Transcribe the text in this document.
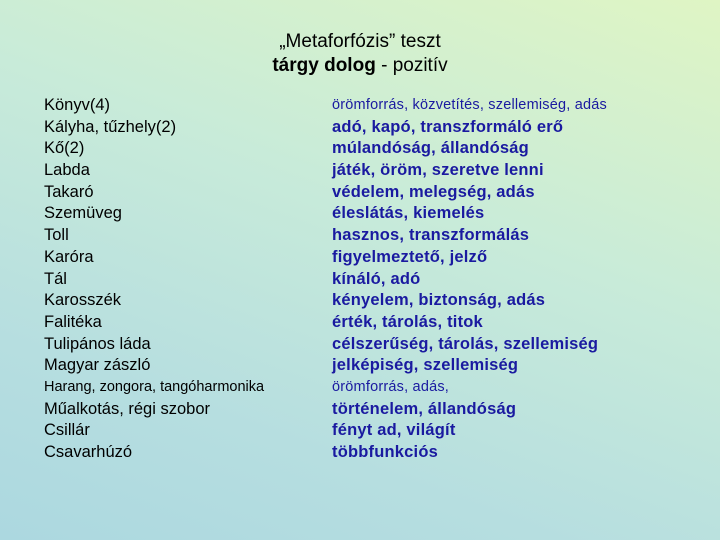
„Metaforfózis” teszt
tárgy dolog - pozitív
Könyv(4)
Kályha, tűzhely(2)
Kő(2)
Labda
Takaró
Szemüveg
Toll
Karóra
Tál
Karosszék
Falitéka
Tulipános láda
Magyar zászló
Harang, zongora, tangóharmonika
Műalkotás, régi szobor
Csillár
Csavarhúzó
örömforrás, közvetítés, szellemiség, adás
adó, kapó, transzformáló erő
múlandóság, állandóság
játék, öröm, szeretve lenni
védelem, melegség, adás
éleslátás, kiemelés
hasznos, transzformálás
figyelmeztető, jelző
kínáló, adó
kényelem, biztonság, adás
érték, tárolás, titok
célszerűség, tárolás, szellemiség
jelképiség, szellemiség
örömforrás, adás,
történelem, állandóság
fényt ad, világít
többfunkciós
